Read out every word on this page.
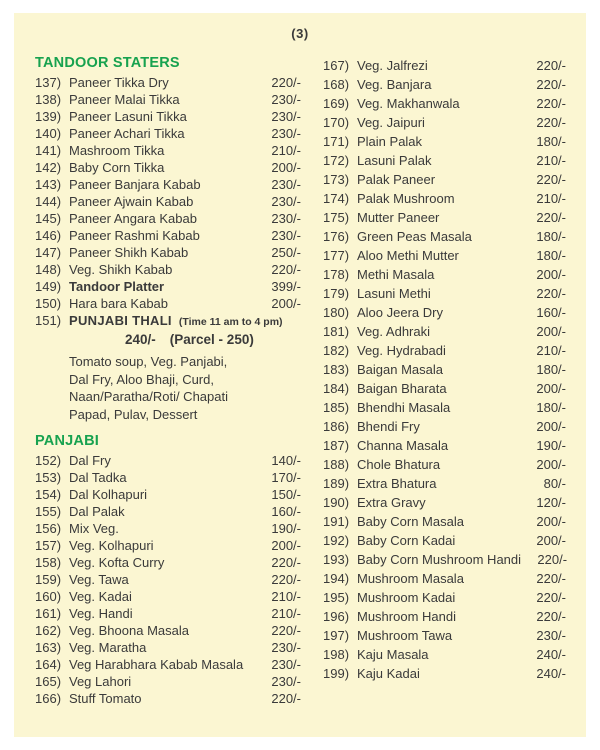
(3)
TANDOOR STATERS
137) Paneer Tikka Dry	220/-
138) Paneer Malai Tikka	230/-
139) Paneer Lasuni Tikka	230/-
140) Paneer Achari Tikka	230/-
141) Mashroom Tikka	210/-
142) Baby Corn Tikka	200/-
143) Paneer Banjara Kabab	230/-
144) Paneer Ajwain Kabab	230/-
145) Paneer Angara Kabab	230/-
146) Paneer Rashmi Kabab	230/-
147) Paneer Shikh Kabab	250/-
148) Veg. Shikh Kabab	220/-
149) Tandoor Platter	399/-
150) Hara bara Kabab	200/-
151) PUNJABI THALI (Time 11 am to 4 pm)
240/- (Parcel - 250)
Tomato soup, Veg. Panjabi,
Dal Fry, Aloo Bhaji, Curd,
Naan/Paratha/Roti/ Chapati
Papad, Pulav, Dessert
PANJABI
152) Dal Fry	140/-
153) Dal Tadka	170/-
154) Dal Kolhapuri	150/-
155) Dal Palak	160/-
156) Mix Veg.	190/-
157) Veg. Kolhapuri	200/-
158) Veg. Kofta Curry	220/-
159) Veg. Tawa	220/-
160) Veg. Kadai	210/-
161) Veg. Handi	210/-
162) Veg. Bhoona Masala	220/-
163) Veg. Maratha	230/-
164) Veg Harabhara Kabab Masala	230/-
165) Veg Lahori	230/-
166) Stuff Tomato	220/-
167) Veg. Jalfrezi	220/-
168) Veg. Banjara	220/-
169) Veg. Makhanwala	220/-
170) Veg. Jaipuri	220/-
171) Plain Palak	180/-
172) Lasuni Palak	210/-
173) Palak Paneer	220/-
174) Palak Mushroom	210/-
175) Mutter Paneer	220/-
176) Green Peas Masala	180/-
177) Aloo Methi Mutter	180/-
178) Methi Masala	200/-
179) Lasuni Methi	220/-
180) Aloo Jeera Dry	160/-
181) Veg. Adhraki	200/-
182) Veg. Hydrabadi	210/-
183) Baigan Masala	180/-
184) Baigan Bharata	200/-
185) Bhendhi Masala	180/-
186) Bhendi Fry	200/-
187) Channa Masala	190/-
188) Chole Bhatura	200/-
189) Extra Bhatura	80/-
190) Extra Gravy	120/-
191) Baby Corn Masala	200/-
192) Baby Corn Kadai	200/-
193) Baby Corn Mushroom Handi	220/-
194) Mushroom Masala	220/-
195) Mushroom Kadai	220/-
196) Mushroom Handi	220/-
197) Mushroom Tawa	230/-
198) Kaju Masala	240/-
199) Kaju Kadai	240/-
